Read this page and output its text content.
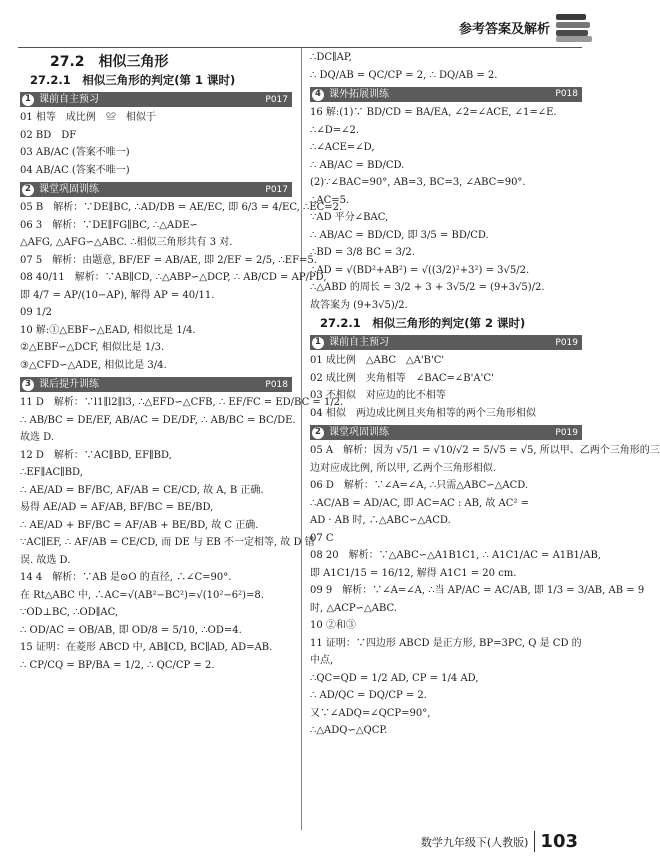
参考答案及解析
27.2　相似三角形
27.2.1　相似三角形的判定(第 1 课时)
1 课前自主预习	P017
01 相等　成比例　≌　相似于
02 BD　DF
03 AB/AC (答案不唯一)
04 AB/AC (答案不唯一)
2 课堂巩固训练	P017
05 B　解析：∵DE∥BC, ∴AD/DB = AE/EC, 即 6/3 = 4/EC, ∴EC=2.
06 3　解析：∵DE∥FG∥BC, ∴△ADE∽
△AFG, △AFG∽△ABC. ∴相似三角形共有 3 对.
07 5　解析：由题意, BF/EF = AB/AE, 即 2/EF = 2/5, ∴EF=5.
08 40/11　解析：∵AB∥CD, ∴△ABP∽△DCP, ∴ AB/CD = AP/PD,
即 4/7 = AP/(10−AP), 解得 AP = 40/11.
09 1/2
10 解:①△EBF∽△EAD, 相似比是 1/4.
②△EBF∽△DCF, 相似比是 1/3.
③△CFD∽△ADE, 相似比是 3/4.
3 课后提升训练	P018
11 D　解析：∵l1∥l2∥l3, ∴△EFD∽△CFB, ∴ EF/FC = ED/BC = 1/2.
∴ AB/BC = DE/EF, AB/AC = DE/DF, ∴ AB/BC = BC/DE.
故选 D.
12 D　解析：∵AC∥BD, EF∥BD,
∴EF∥AC∥BD,
∴ AE/AD = BF/BC, AF/AB = CE/CD, 故 A, B 正确.
易得 AE/AD = AF/AB, BF/BC = BE/BD,
∴ AE/AD + BF/BC = AF/AB + BE/BD, 故 C 正确.
∵AC∥EF, ∴ AF/AB = CE/CD, 而 DE 与 EB 不一定相等, 故 D 错
误. 故选 D.
14 4　解析：∵AB 是⊙O 的直径, ∴∠C=90°.
在 Rt△ABC 中, ∴AC=√(AB²−BC²)=√(10²−6²)=8.
∵OD⊥BC, ∴OD∥AC,
∴ OD/AC = OB/AB, 即 OD/8 = 5/10, ∴OD=4.
15 证明：在菱形 ABCD 中, AB∥CD, BC∥AD, AD=AB.
∴ CP/CQ = BP/BA = 1/2, ∴ QC/CP = 2.
∴DC∥AP,
∴ DQ/AB = QC/CP = 2, ∴ DQ/AB = 2.
4 课外拓展训练	P018
16 解:(1)∵ BD/CD = BA/EA, ∠2=∠ACE, ∠1=∠E.
∴∠D=∠2.
∴∠ACE=∠D,
∴ AB/AC = BD/CD.
(2)∵∠BAC=90°, AB=3, BC=3, ∠ABC=90°.
∴AC=5.
∵AD 平分∠BAC,
∴ AB/AC = BD/CD, 即 3/5 = BD/CD.
∴BD = 3/8 BC = 3/2.
∴AD = √(BD²+AB²) = √((3/2)²+3²) = 3√5/2.
∴△ABD 的周长 = 3/2 + 3 + 3√5/2 = (9+3√5)/2.
故答案为 (9+3√5)/2.
27.2.1　相似三角形的判定(第 2 课时)
1 课前自主预习	P019
01 成比例　△ABC　△A'B'C'
02 成比例　夹角相等　∠BAC=∠B'A'C'
03 不相似　对应边的比不相等
04 相似　两边成比例且夹角相等的两个三角形相似
2 课堂巩固训练	P019
05 A　解析：因为 √5/1 = √10/√2 = 5/√5 = √5, 所以甲、乙两个三角形的三
边对应成比例, 所以甲, 乙两个三角形相似.
06 D　解析：∵∠A=∠A, ∴只需△ABC∽△ACD.
∴AC/AB = AD/AC, 即 AC=AC : AB, 故 AC² =
AD · AB 时, ∴△ABC∽△ACD.
07 C
08 20　解析：∵△ABC∽△A1B1C1, ∴ A1C1/AC = A1B1/AB,
即 A1C1/15 = 16/12, 解得 A1C1 = 20 cm.
09 9　解析：∵∠A=∠A, ∴当 AP/AC = AC/AB, 即 1/3 = 3/AB, AB = 9
时, △ACP∽△ABC.
10 ②和③
11 证明：∵四边形 ABCD 是正方形, BP=3PC, Q 是 CD 的
中点,
∴QC=QD = 1/2 AD, CP = 1/4 AD,
∴ AD/QC = DQ/CP = 2.
又∵∠ADQ=∠QCP=90°,
∴△ADQ∽△QCP.
数学九年级下(人教版) 103
